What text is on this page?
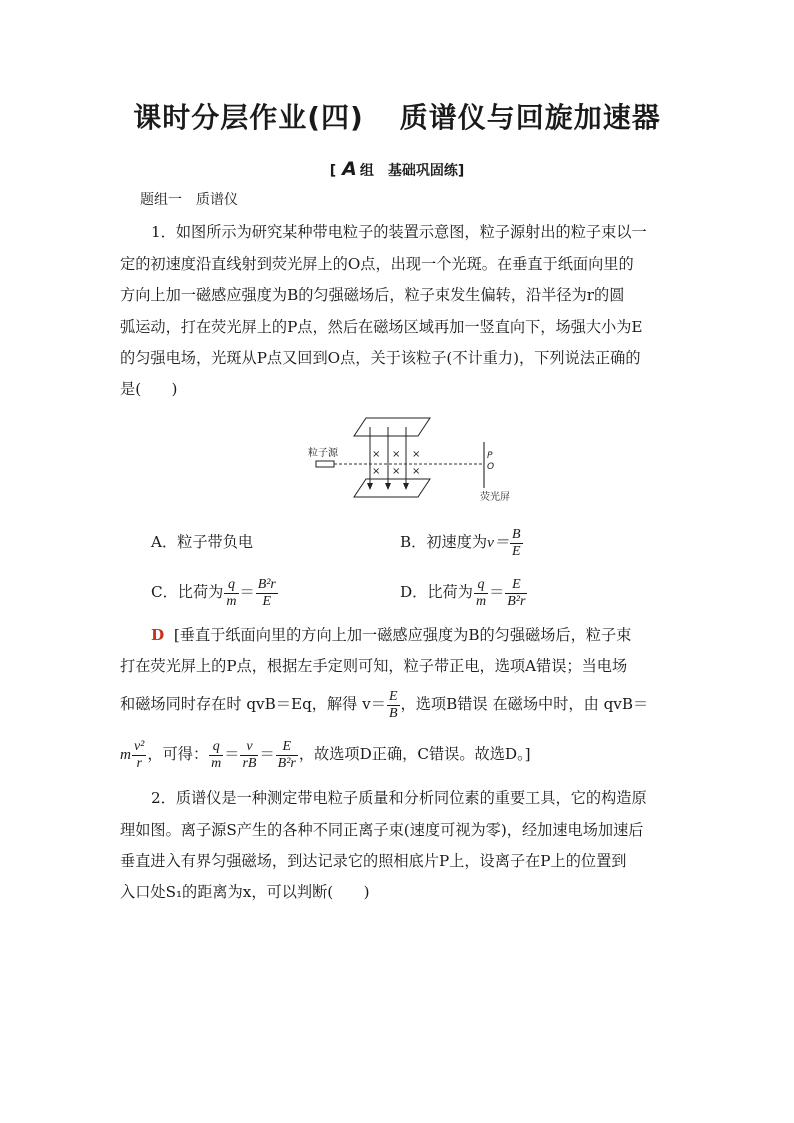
课时分层作业(四) 质谱仪与回旋加速器
[ A 组　基础巩固练]
题组一　质谱仪
1．如图所示为研究某种带电粒子的装置示意图，粒子源射出的粒子束以一
定的初速度沿直线射到荧光屏上的O点，出现一个光斑。在垂直于纸面向里的
方向上加一磁感应强度为B的匀强磁场后，粒子束发生偏转，沿半径为r的圆
弧运动，打在荧光屏上的P点，然后在磁场区域再加一竖直向下，场强大小为E
的匀强电场，光斑从P点又回到O点，关于该粒子(不计重力)，下列说法正确的
是(　　)
粒子源	× × ×
× × ×
P
O
荧光屏
A．粒子带负电	B．初速度为$v= \frac{B}{E}$
C．比荷为 $\frac{q}{m} = \frac{\text{B²r}}{E}$	D．比荷为 $\frac{q}{m} = \frac{E}{\text{B²r}}$
D [垂直于纸面向里的方向上加一磁感应强度为B的匀强磁场后，粒子束
打在荧光屏上的P点，根据左手定则可知，粒子带正电，选项A错误；当电场
和磁场同时存在时 qvB＝Eq，解得 $v= \frac{E}{B}$ ，选项B错误 在磁场中时，由 qvB＝
m $\frac{\text{v²}}{r}$ ，可得： $\frac{q}{m} = \frac{v}{rB} = \frac{E}{\text{B²r}}$ ，故选项D正确，C错误。故选D。]
2．质谱仪是一种测定带电粒子质量和分析同位素的重要工具，它的构造原
理如图。离子源S产生的各种不同正离子束(速度可视为零)，经加速电场加速后
垂直进入有界匀强磁场，到达记录它的照相底片P上，设离子在P上的位置到
入口处S₁的距离为x，可以判断(　　)
